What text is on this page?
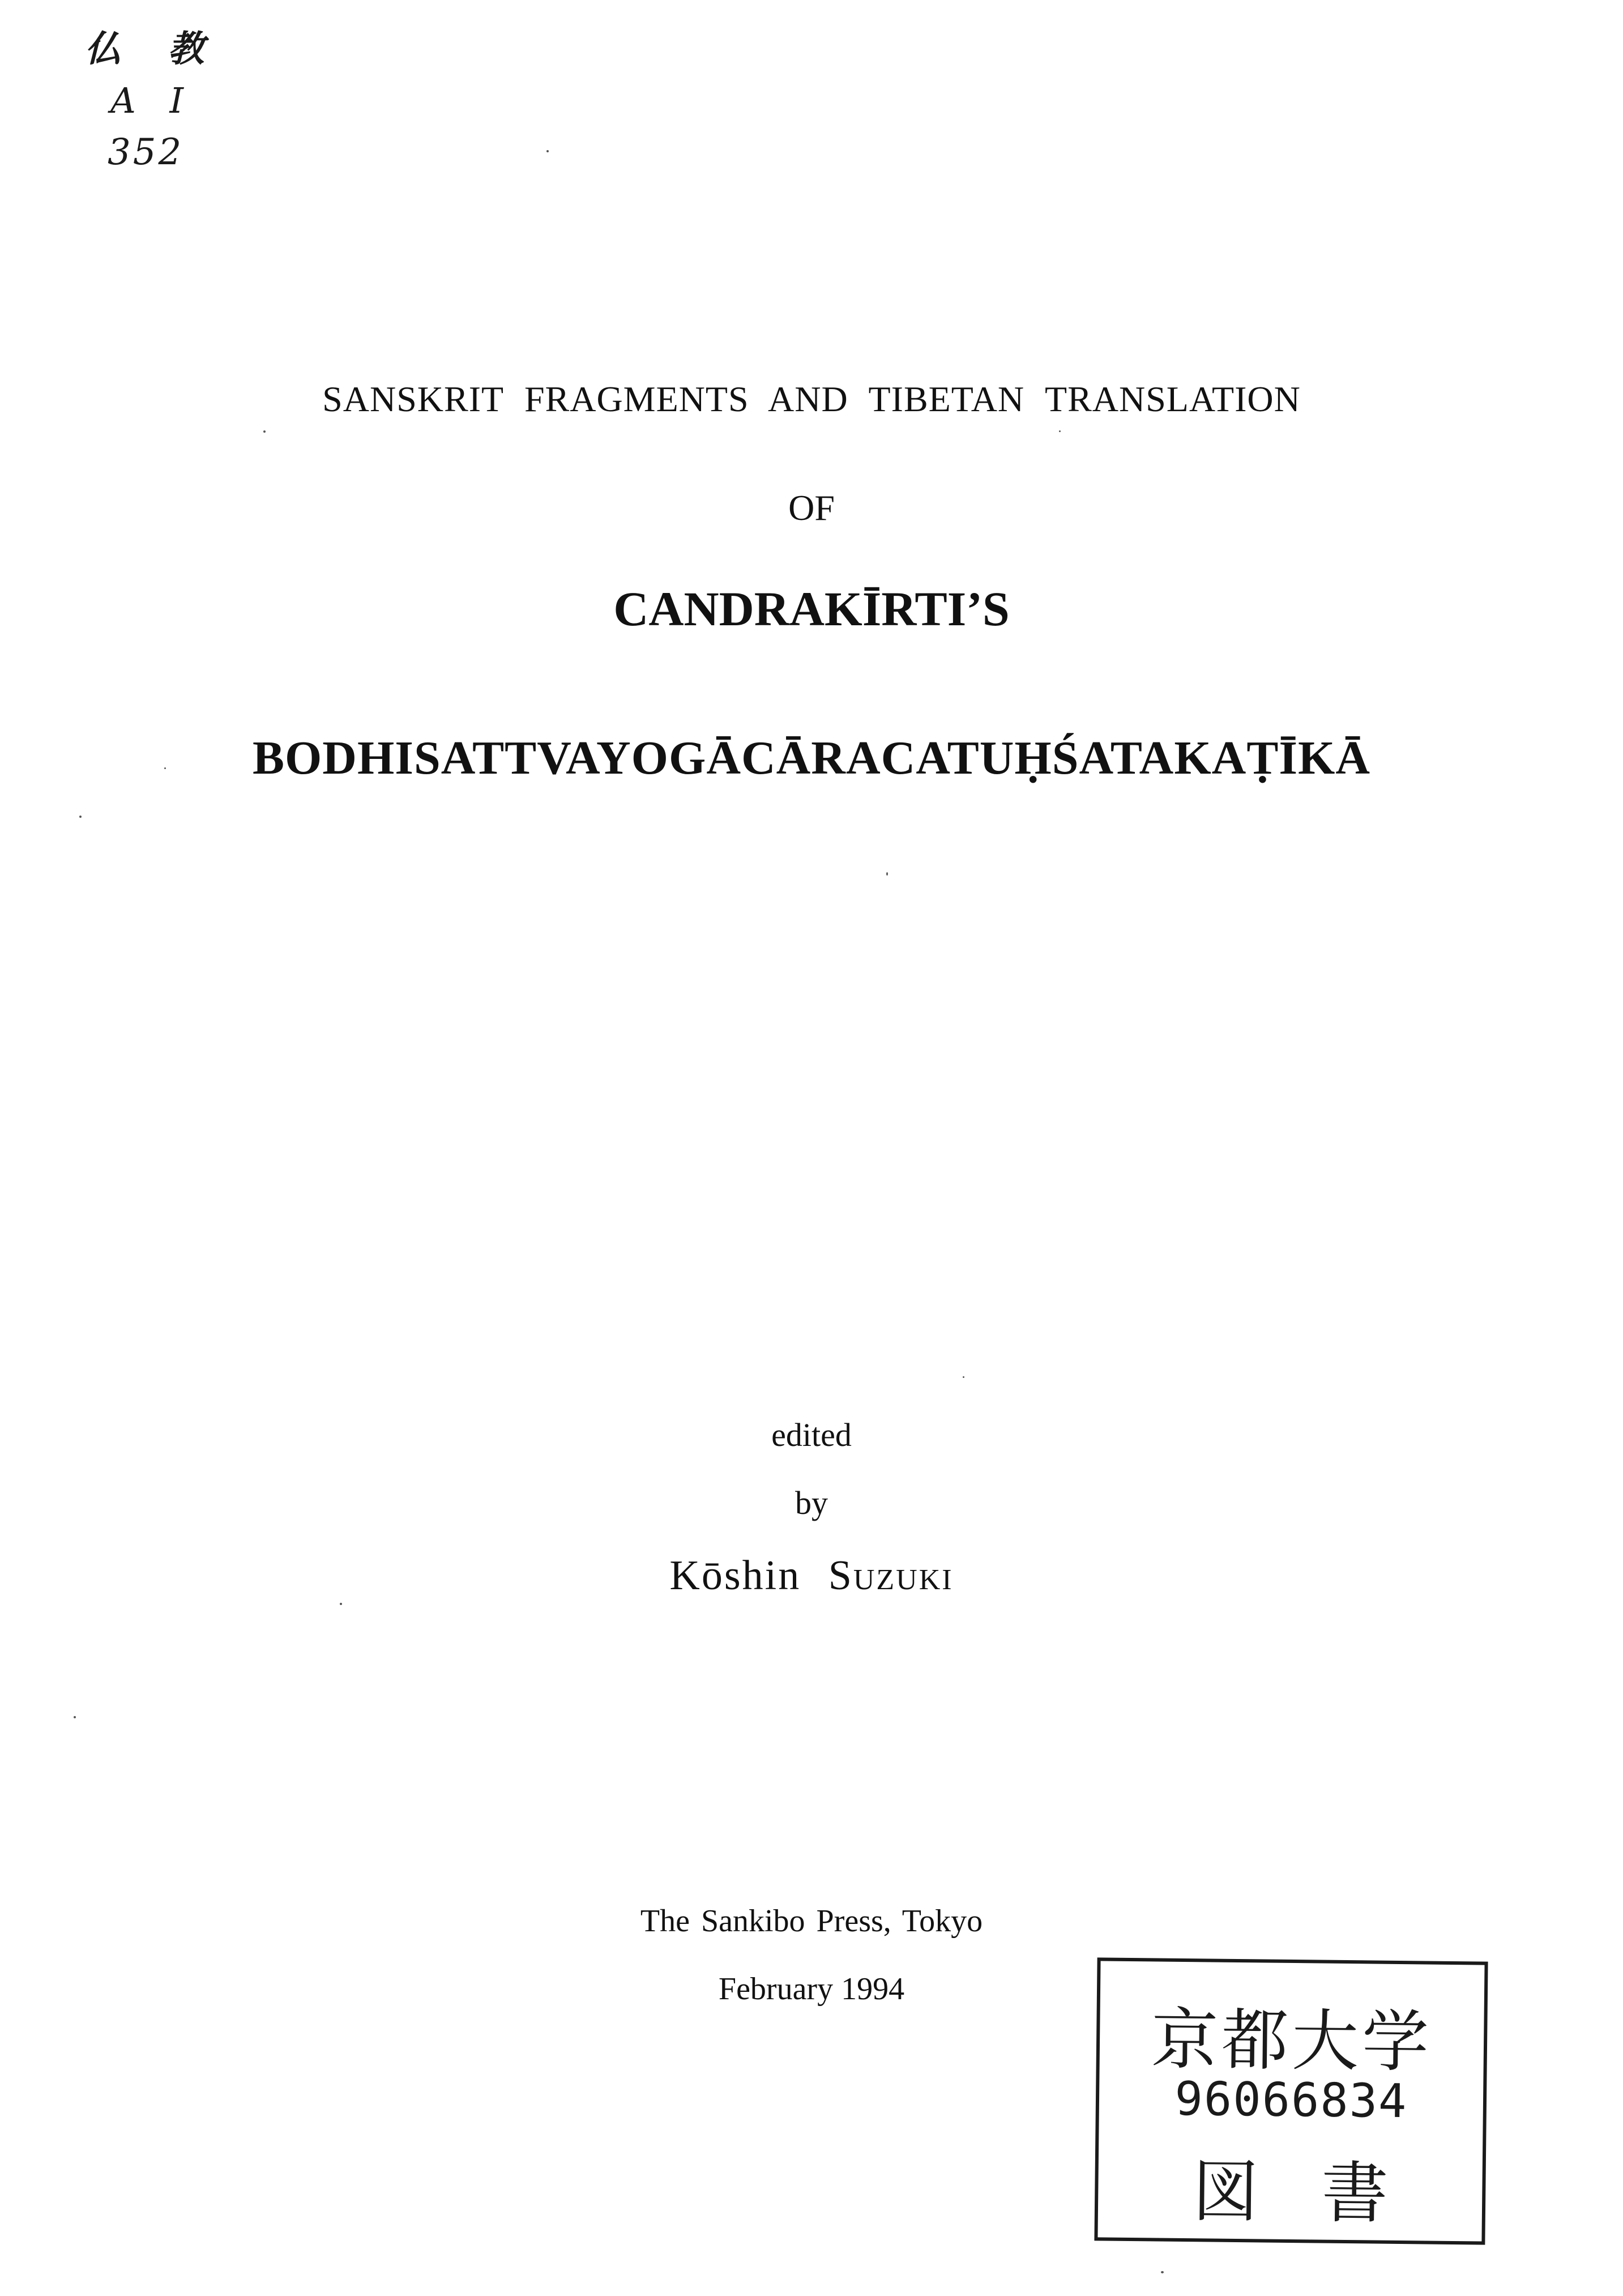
仏 教
A I
352
SANSKRIT FRAGMENTS AND TIBETAN TRANSLATION
OF
CANDRAKĪRTI’S
BODHISATTVAYOGĀCĀRACATUḤŚATAKAṬĪKĀ
edited
by
Kōshin Suzuki
The Sankibo Press, Tokyo
February 1994
京都大学
96066834
図書
